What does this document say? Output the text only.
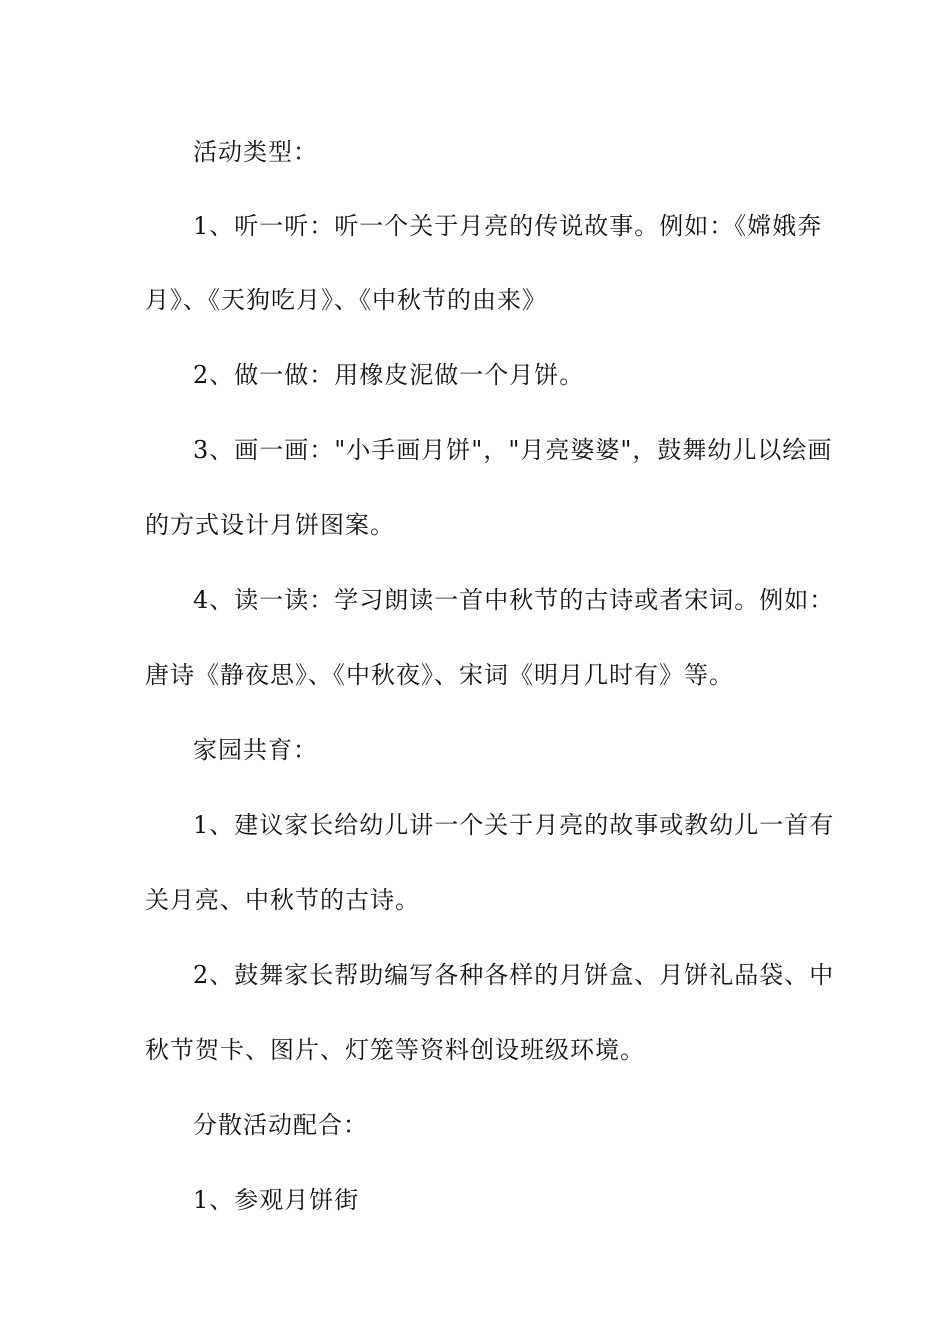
活动类型：
1、听一听：听一个关于月亮的传说故事。例如：《嫦娥奔
月》、《天狗吃月》、《中秋节的由来》
2、做一做：用橡皮泥做一个月饼。
3、画一画："小手画月饼"，"月亮婆婆"，鼓舞幼儿以绘画
的方式设计月饼图案。
4、读一读：学习朗读一首中秋节的古诗或者宋词。例如：
唐诗《静夜思》、《中秋夜》、宋词《明月几时有》等。
家园共育：
1、建议家长给幼儿讲一个关于月亮的故事或教幼儿一首有
关月亮、中秋节的古诗。
2、鼓舞家长帮助编写各种各样的月饼盒、月饼礼品袋、中
秋节贺卡、图片、灯笼等资料创设班级环境。
分散活动配合：
1、参观月饼街
